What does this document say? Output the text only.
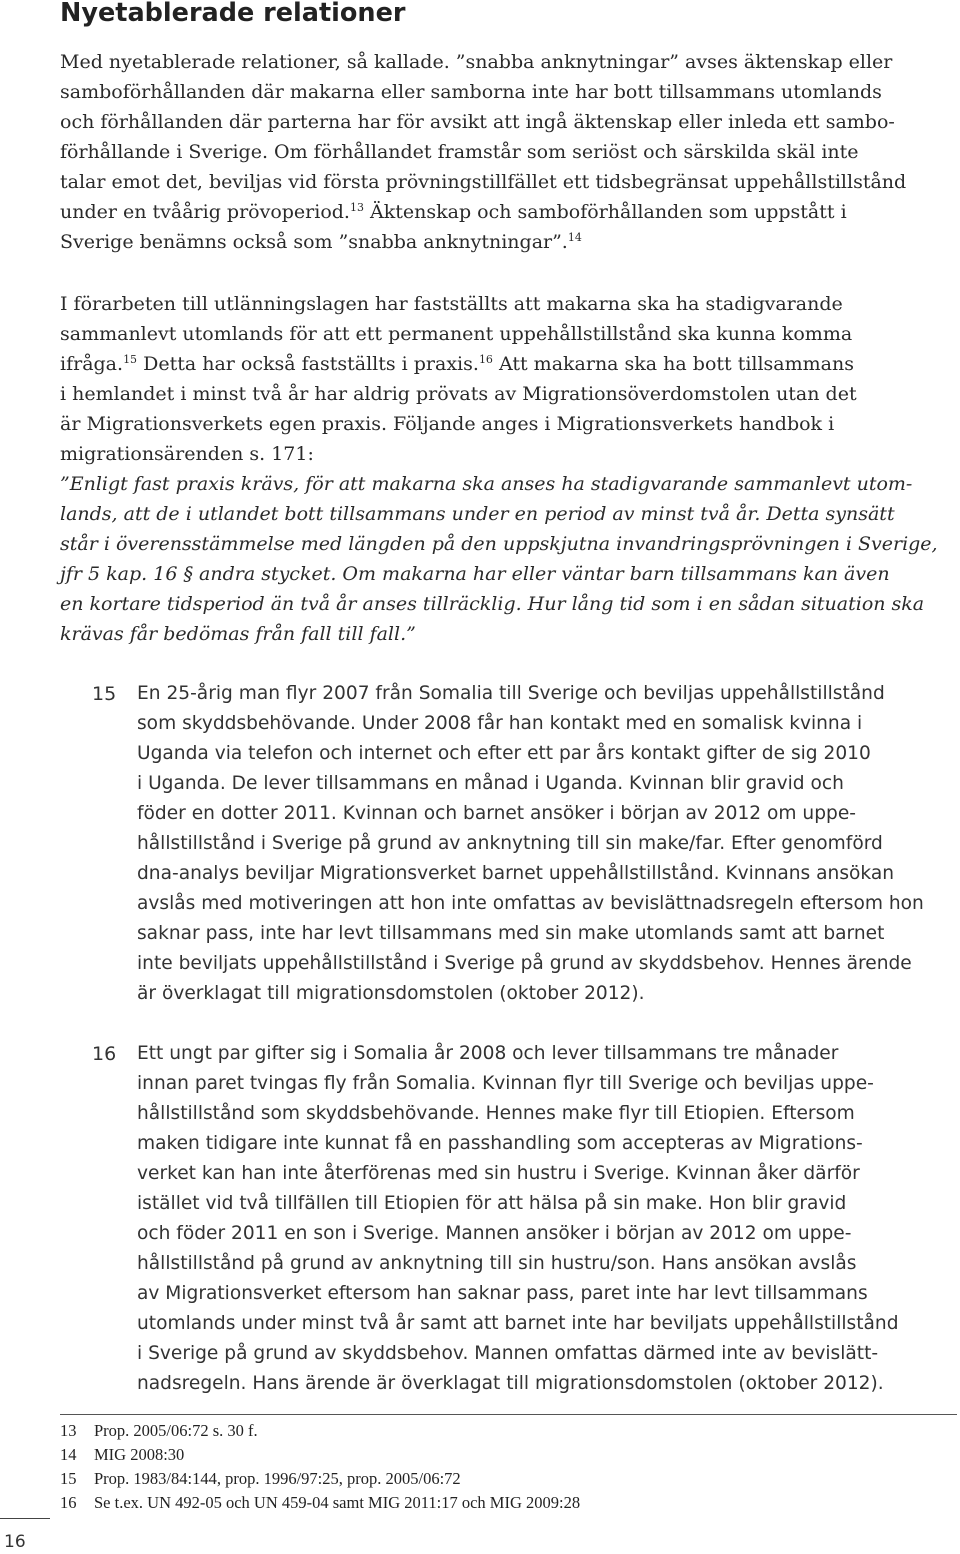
Nyetablerade relationer
Med nyetablerade relationer, så kallade. ”snabba anknytningar” avses äktenskap eller
samboförhållanden där makarna eller samborna inte har bott tillsammans utomlands
och förhållanden där parterna har för avsikt att ingå äktenskap eller inleda ett sambo-
förhållande i Sverige. Om förhållandet framstår som seriöst och särskilda skäl inte
talar emot det, beviljas vid första prövningstillfället ett tidsbegränsat uppehållstillstånd
under en tvåårig prövoperiod.$^{13}$ Äktenskap och samboförhållanden som uppstått i
Sverige benämns också som ”snabba anknytningar”.$^{14}$
I förarbeten till utlänningslagen har fastställts att makarna ska ha stadigvarande
sammanlevt utomlands för att ett permanent uppehållstillstånd ska kunna komma
ifråga.$^{15}$ Detta har också fastställts i praxis.$^{16}$ Att makarna ska ha bott tillsammans
i hemlandet i minst två år har aldrig prövats av Migrationsöverdomstolen utan det
är Migrationsverkets egen praxis. Följande anges i Migrationsverkets handbok i
migrationsärenden s. 171:
”Enligt fast praxis krävs, för att makarna ska anses ha stadigvarande sammanlevt utom-
lands, att de i utlandet bott tillsammans under en period av minst två år. Detta synsätt
står i överensstämmelse med längden på den uppskjutna invandringsprövningen i Sverige,
jfr 5 kap. 16 § andra stycket. Om makarna har eller väntar barn tillsammans kan även
en kortare tidsperiod än två år anses tillräcklig. Hur lång tid som i en sådan situation ska
krävas får bedömas från fall till fall.”
15 En 25-årig man flyr 2007 från Somalia till Sverige och beviljas uppehållstillstånd
som skyddsbehövande. Under 2008 får han kontakt med en somalisk kvinna i
Uganda via telefon och internet och efter ett par års kontakt gifter de sig 2010
i Uganda. De lever tillsammans en månad i Uganda. Kvinnan blir gravid och
föder en dotter 2011. Kvinnan och barnet ansöker i början av 2012 om uppe-
hållstillstånd i Sverige på grund av anknytning till sin make/far. Efter genomförd
dna-analys beviljar Migrationsverket barnet uppehållstillstånd. Kvinnans ansökan
avslås med motiveringen att hon inte omfattas av bevislättnadsregeln eftersom hon
saknar pass, inte har levt tillsammans med sin make utomlands samt att barnet
inte beviljats uppehållstillstånd i Sverige på grund av skyddsbehov. Hennes ärende
är överklagat till migrationsdomstolen (oktober 2012).
16 Ett ungt par gifter sig i Somalia år 2008 och lever tillsammans tre månader
innan paret tvingas fly från Somalia. Kvinnan flyr till Sverige och beviljas uppe-
hållstillstånd som skyddsbehövande. Hennes make flyr till Etiopien. Eftersom
maken tidigare inte kunnat få en passhandling som accepteras av Migrations-
verket kan han inte återförenas med sin hustru i Sverige. Kvinnan åker därför
istället vid två tillfällen till Etiopien för att hälsa på sin make. Hon blir gravid
och föder 2011 en son i Sverige. Mannen ansöker i början av 2012 om uppe-
hållstillstånd på grund av anknytning till sin hustru/son. Hans ansökan avslås
av Migrationsverket eftersom han saknar pass, paret inte har levt tillsammans
utomlands under minst två år samt att barnet inte har beviljats uppehållstillstånd
i Sverige på grund av skyddsbehov. Mannen omfattas därmed inte av bevislätt-
nadsregeln. Hans ärende är överklagat till migrationsdomstolen (oktober 2012).
13 Prop. 2005/06:72 s. 30 f.
14 MIG 2008:30
15 Prop. 1983/84:144, prop. 1996/97:25, prop. 2005/06:72
16 Se t.ex. UN 492-05 och UN 459-04 samt MIG 2011:17 och MIG 2009:28
16
